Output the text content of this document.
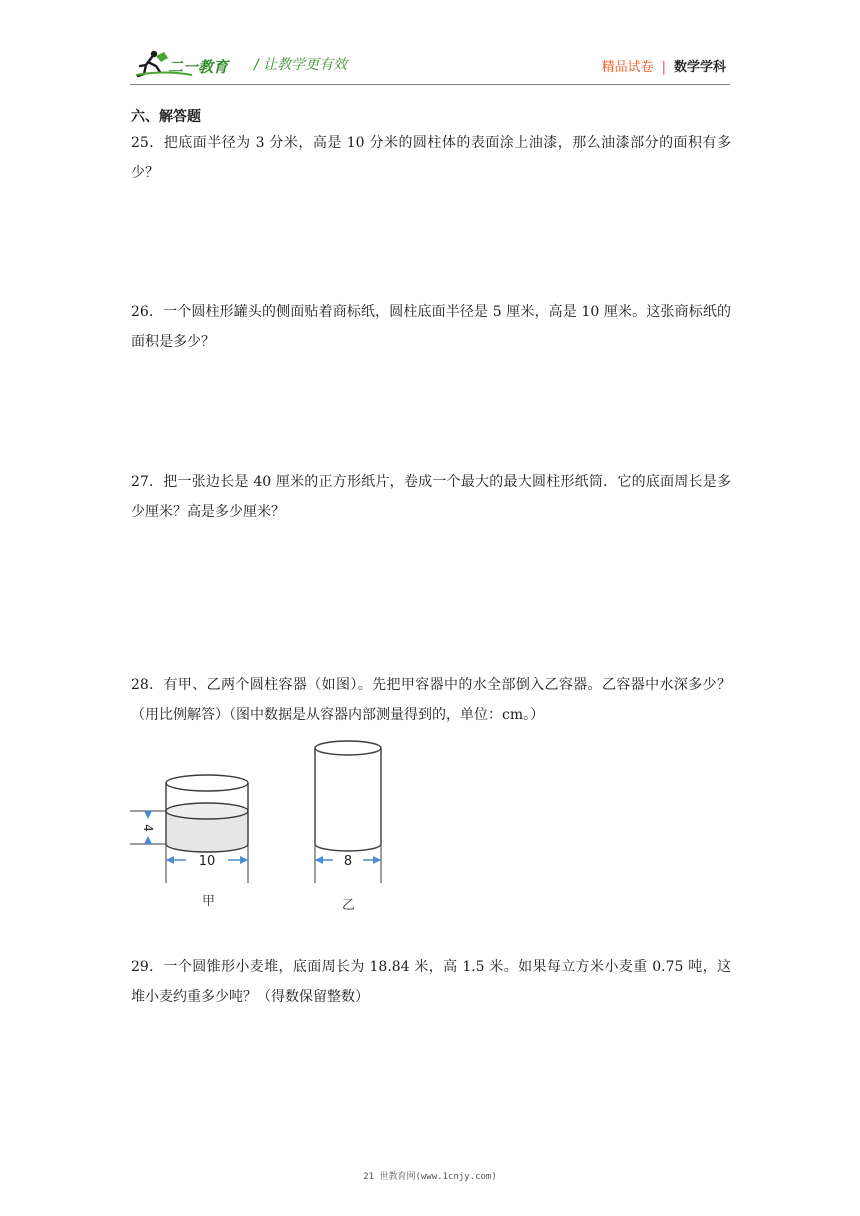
二一教育 / 让教学更有效	精品试卷 | 数学学科
六、解答题
25．把底面半径为 3 分米，高是 10 分米的圆柱体的表面涂上油漆，那么油漆部分的面积有多少？
26．一个圆柱形罐头的侧面贴着商标纸，圆柱底面半径是 5 厘米，高是 10 厘米。这张商标纸的面积是多少？
27．把一张边长是 40 厘米的正方形纸片，卷成一个最大的最大圆柱形纸筒．它的底面周长是多少厘米？高是多少厘米？
28．有甲、乙两个圆柱容器（如图）。先把甲容器中的水全部倒入乙容器。乙容器中水深多少？（用比例解答）（图中数据是从容器内部测量得到的，单位：cm。）
4
10	8
甲	乙
29．一个圆锥形小麦堆，底面周长为 18.84 米，高 1.5 米。如果每立方米小麦重 0.75 吨，这堆小麦约重多少吨？（得数保留整数）
21 世教育网(www.1cnjy.com)
